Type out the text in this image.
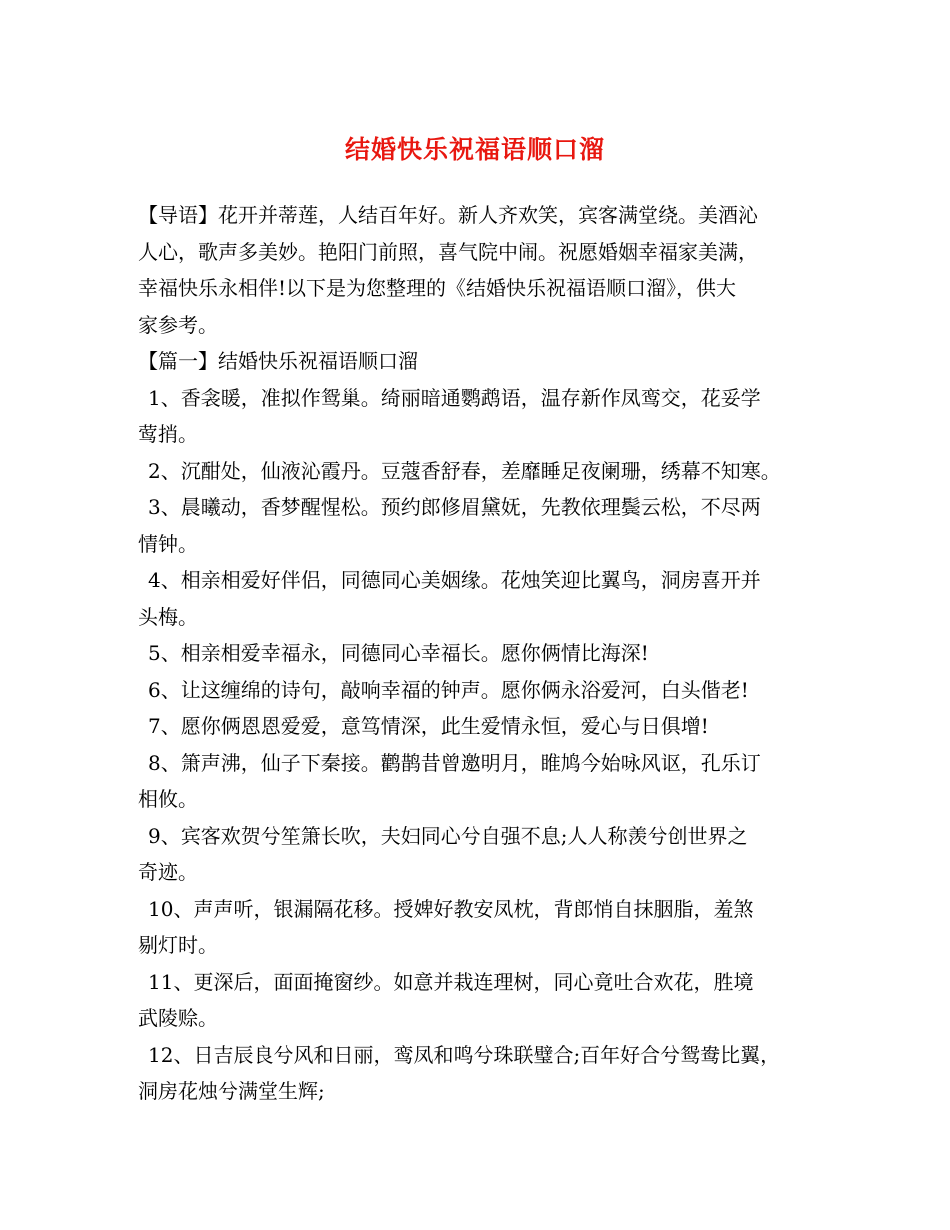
结婚快乐祝福语顺口溜
【导语】花开并蒂莲，人结百年好。新人齐欢笑，宾客满堂绕。美酒沁
人心，歌声多美妙。艳阳门前照，喜气院中闹。祝愿婚姻幸福家美满，
幸福快乐永相伴!以下是为您整理的《结婚快乐祝福语顺口溜》，供大
家参考。
【篇一】结婚快乐祝福语顺口溜
1、香衾暖，准拟作鸳巢。绮丽暗通鹦鹉语，温存新作凤鸾交，花妥学
莺捎。
2、沉酣处，仙液沁霞丹。豆蔻香舒春，差靡睡足夜阑珊，绣幕不知寒。
3、晨曦动，香梦醒惺松。预约郎修眉黛妩，先教依理鬓云松，不尽两
情钟。
4、相亲相爱好伴侣，同德同心美姻缘。花烛笑迎比翼鸟，洞房喜开并
头梅。
5、相亲相爱幸福永，同德同心幸福长。愿你俩情比海深!
6、让这缠绵的诗句，敲响幸福的钟声。愿你俩永浴爱河，白头偕老!
7、愿你俩恩恩爱爱，意笃情深，此生爱情永恒，爱心与日俱增!
8、箫声沸，仙子下秦接。鹳鹊昔曾邀明月，睢鸠今始咏风讴，孔乐订
相攸。
9、宾客欢贺兮笙箫长吹，夫妇同心兮自强不息;人人称羡兮创世界之
奇迹。
10、声声听，银漏隔花移。授婢好教安凤枕，背郎悄自抹胭脂，羞煞
剔灯时。
11、更深后，面面掩窗纱。如意并栽连理树，同心竟吐合欢花，胜境
武陵赊。
12、日吉辰良兮风和日丽，鸾凤和鸣兮珠联璧合;百年好合兮鸳鸯比翼，
洞房花烛兮满堂生辉;
